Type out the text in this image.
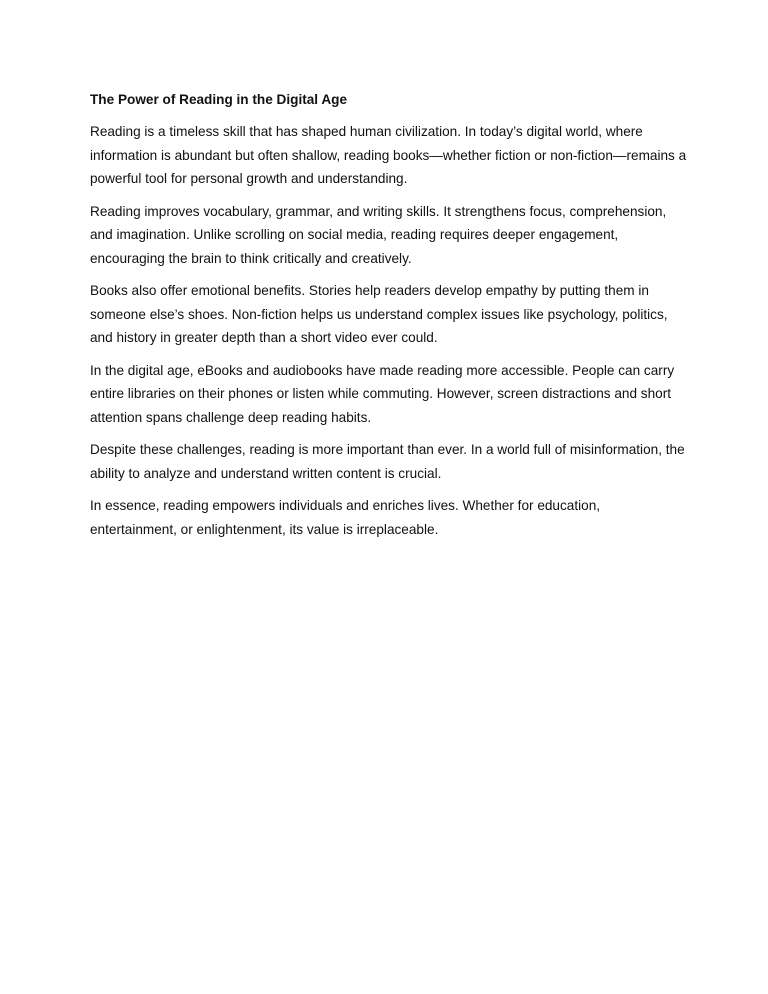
The Power of Reading in the Digital Age

Reading is a timeless skill that has shaped human civilization. In today’s digital world, where information is abundant but often shallow, reading books—whether fiction or non-fiction—remains a powerful tool for personal growth and understanding.

Reading improves vocabulary, grammar, and writing skills. It strengthens focus, comprehension, and imagination. Unlike scrolling on social media, reading requires deeper engagement, encouraging the brain to think critically and creatively.

Books also offer emotional benefits. Stories help readers develop empathy by putting them in someone else’s shoes. Non-fiction helps us understand complex issues like psychology, politics, and history in greater depth than a short video ever could.

In the digital age, eBooks and audiobooks have made reading more accessible. People can carry entire libraries on their phones or listen while commuting. However, screen distractions and short attention spans challenge deep reading habits.

Despite these challenges, reading is more important than ever. In a world full of misinformation, the ability to analyze and understand written content is crucial.

In essence, reading empowers individuals and enriches lives. Whether for education, entertainment, or enlightenment, its value is irreplaceable.
